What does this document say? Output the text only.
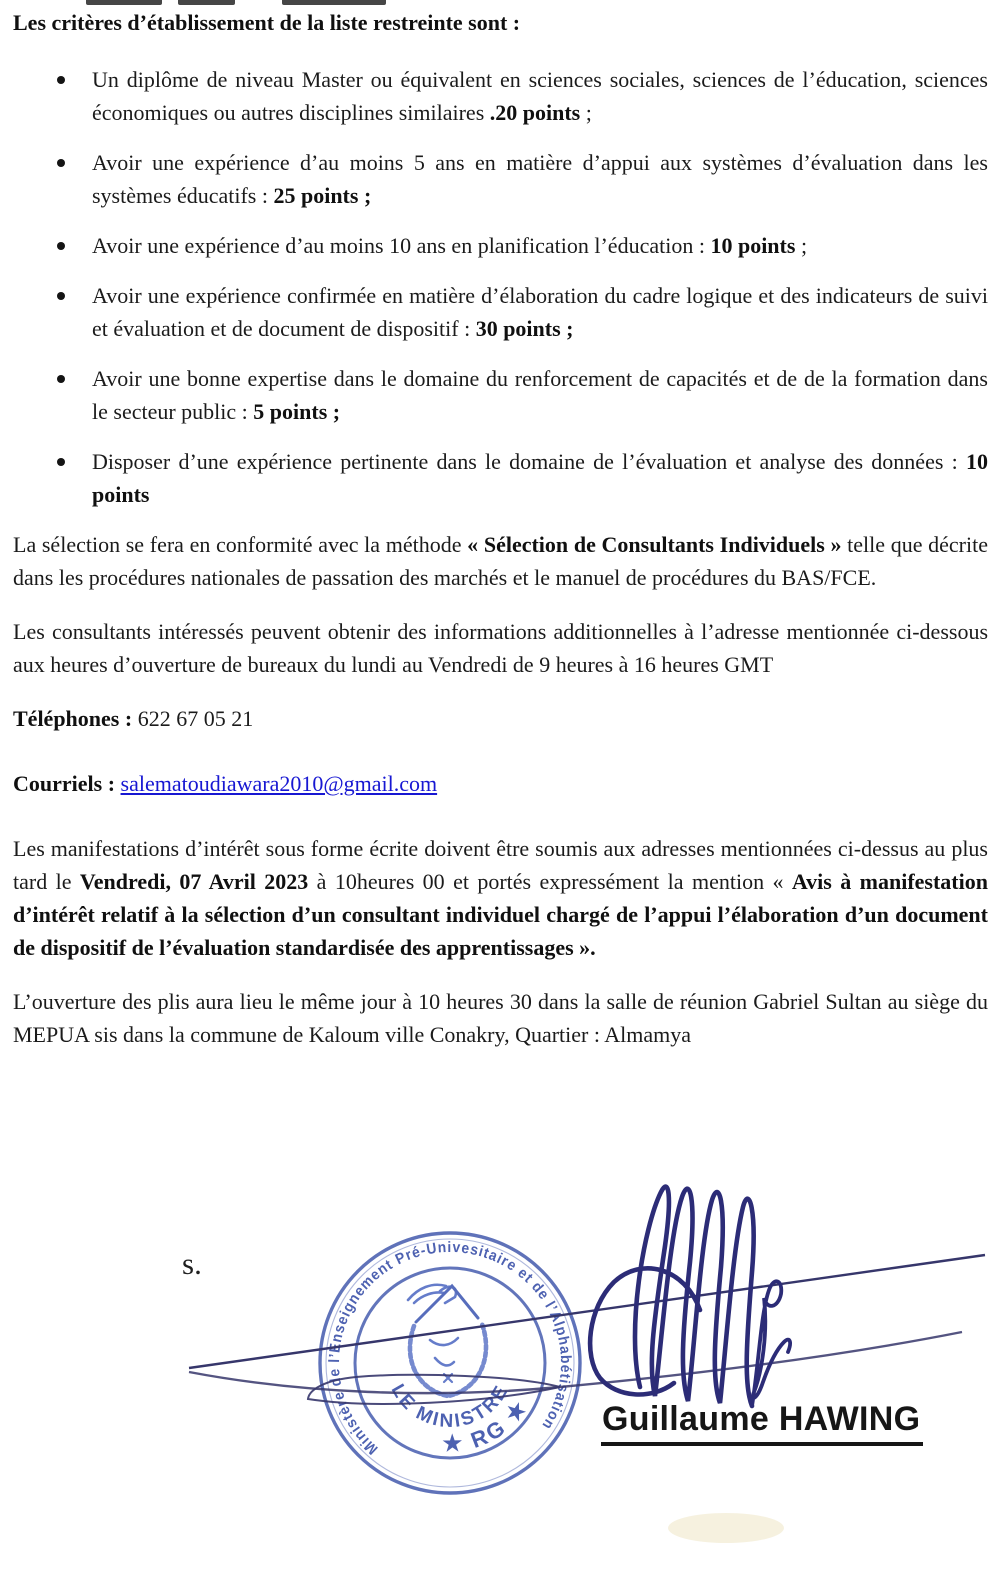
Les critères d’établissement de la liste restreinte sont :

Un diplôme de niveau Master ou équivalent en sciences sociales, sciences de l’éducation, sciences économiques ou autres disciplines similaires .20 points ;
Avoir une expérience d’au moins 5 ans en matière d’appui aux systèmes d’évaluation dans les systèmes éducatifs : 25 points ;
Avoir une expérience d’au moins 10 ans en planification l’éducation : 10 points ;
Avoir une expérience confirmée en matière d’élaboration du cadre logique et des indicateurs de suivi et évaluation et de document de dispositif : 30 points ;
Avoir une bonne expertise dans le domaine du renforcement de capacités et de de la formation dans le secteur public : 5 points ;
Disposer d’une expérience pertinente dans le domaine de l’évaluation et analyse des données : 10 points

La sélection se fera en conformité avec la méthode « Sélection de Consultants Individuels » telle que décrite dans les procédures nationales de passation des marchés et le manuel de procédures du BAS/FCE.

Les consultants intéressés peuvent obtenir des informations additionnelles à l’adresse mentionnée ci-dessous aux heures d’ouverture de bureaux du lundi au Vendredi de 9 heures à 16 heures GMT

Téléphones : 622 67 05 21

Courriels : salematoudiawara2010@gmail.com

Les manifestations d’intérêt sous forme écrite doivent être soumis aux adresses mentionnées ci-dessus au plus tard le Vendredi, 07 Avril 2023 à 10heures 00 et portés expressément la mention « Avis à manifestation d’intérêt relatif à la sélection d’un consultant individuel chargé de l’appui l’élaboration d’un document de dispositif de l’évaluation standardisée des apprentissages ».

L’ouverture des plis aura lieu le même jour à 10 heures 30 dans la salle de réunion Gabriel Sultan au siège du MEPUA sis dans la commune de Kaloum ville Conakry, Quartier : Almamya

s.
Ministère de l’Enseignement Pré-Univesitaire et de l’Alphabétisation
LE MINISTRE
★ RG ★ Guillaume HAWING
